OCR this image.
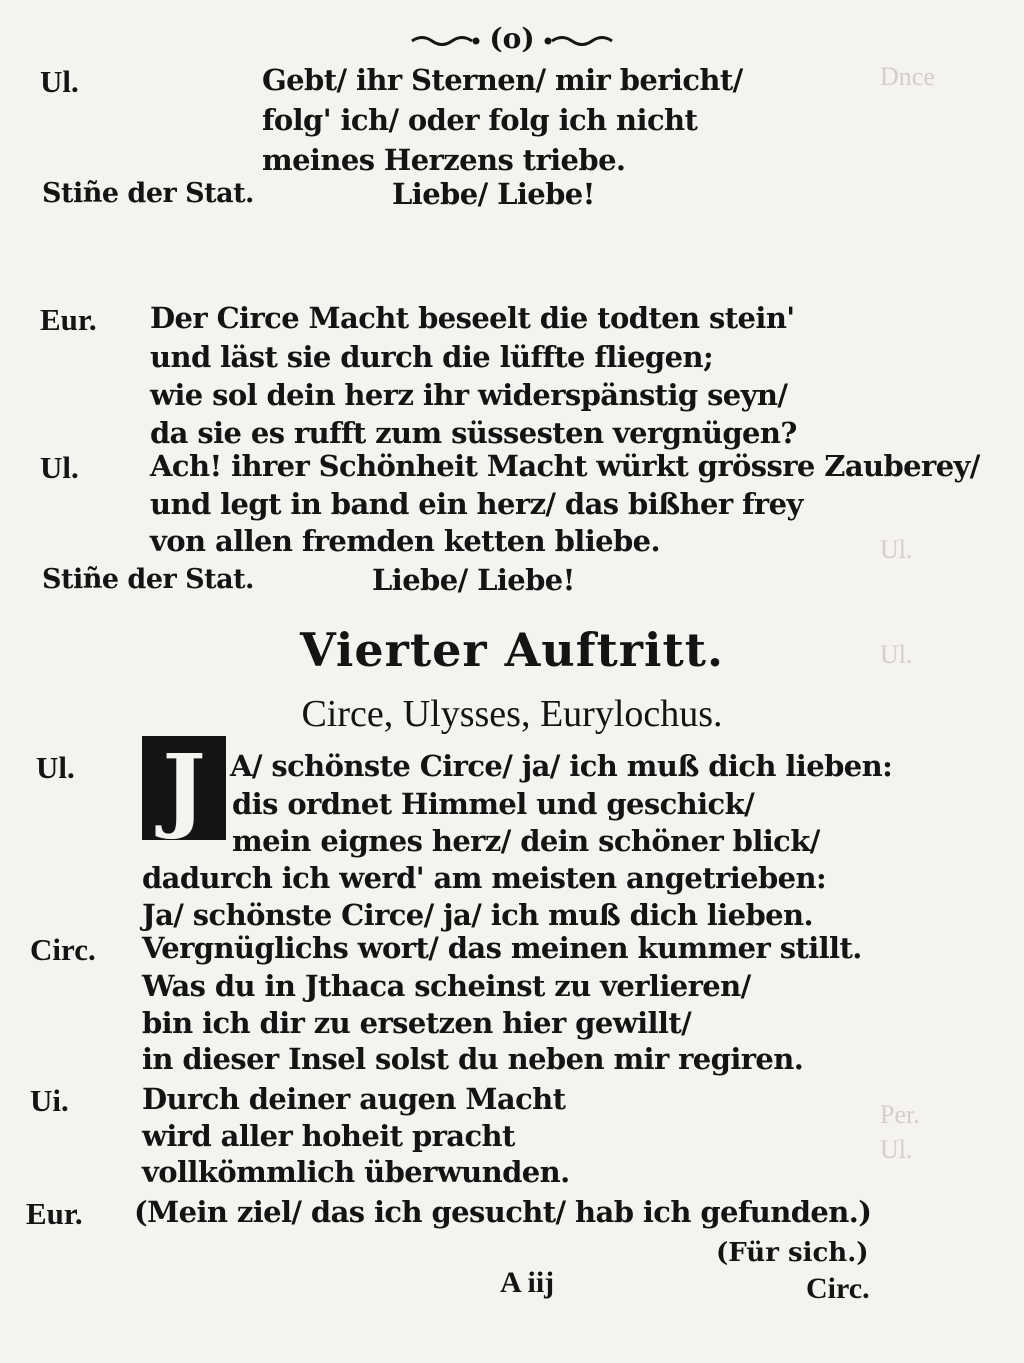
Dnce
Ul.
Ul.
Per.
Ul.
(o)
Ul.	Gebt/ ihr Sternen/ mir bericht/
folg' ich/ oder folg ich nicht
meines Herzens triebe.
Stiñe der Stat.	Liebe/ Liebe!
Eur. Der Circe Macht beseelt die todten stein'
und läst sie durch die lüffte fliegen;
wie sol dein herz ihr widerspänstig seyn/
da sie es rufft zum süssesten vergnügen?
Ul. Ach! ihrer Schönheit Macht würkt grössre Zauberey/
und legt in band ein herz/ das bißher frey
von allen fremden ketten bliebe.
Stiñe der Stat.	Liebe/ Liebe!
Vierter Auftritt.
Circe, Ulysses, Eurylochus.
J
Ul.	A/ schönste Circe/ ja/ ich muß dich lieben:
dis ordnet Himmel und geschick/
mein eignes herz/ dein schöner blick/
dadurch ich werd' am meisten angetrieben:
Ja/ schönste Circe/ ja/ ich muß dich lieben.
Circ. Vergnüglichs wort/ das meinen kummer stillt.
Was du in Jthaca scheinst zu verlieren/
bin ich dir zu ersetzen hier gewillt/
in dieser Insel solst du neben mir regiren.
Ui.	Durch deiner augen Macht
wird aller hoheit pracht
vollkömmlich überwunden.
Eur. (Mein ziel/ das ich gesucht/ hab ich gefunden.)
(Für sich.)
A iij	Circ.
